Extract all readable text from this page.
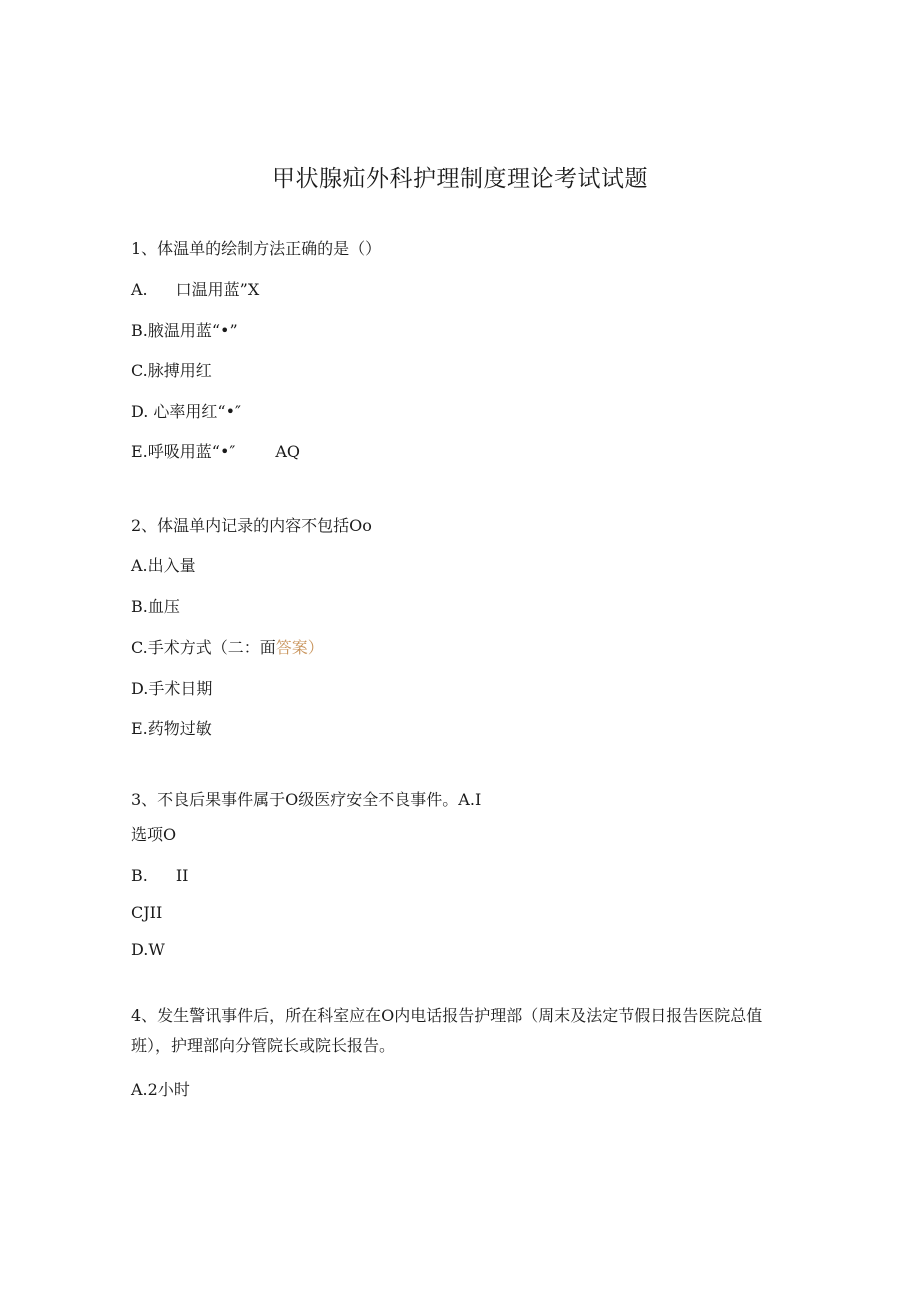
甲状腺疝外科护理制度理论考试试题
1、体温单的绘制方法正确的是（）
A. 口温用蓝”X
B.腋温用蓝“•”
C.脉搏用红
D. 心率用红“•″
E.呼吸用蓝“•″	AQ
2、体温单内记录的内容不包括Oo
A.出入量
B.血压
C.手术方式（二：面答案）
D.手术日期
E.药物过敏
3、不良后果事件属于O级医疗安全不良事件。A.I
选项O
B. II
CJII
D.W
4、发生警讯事件后，所在科室应在O内电话报告护理部（周末及法定节假日报告医院总值班），护理部向分管院长或院长报告。
A.2小时
